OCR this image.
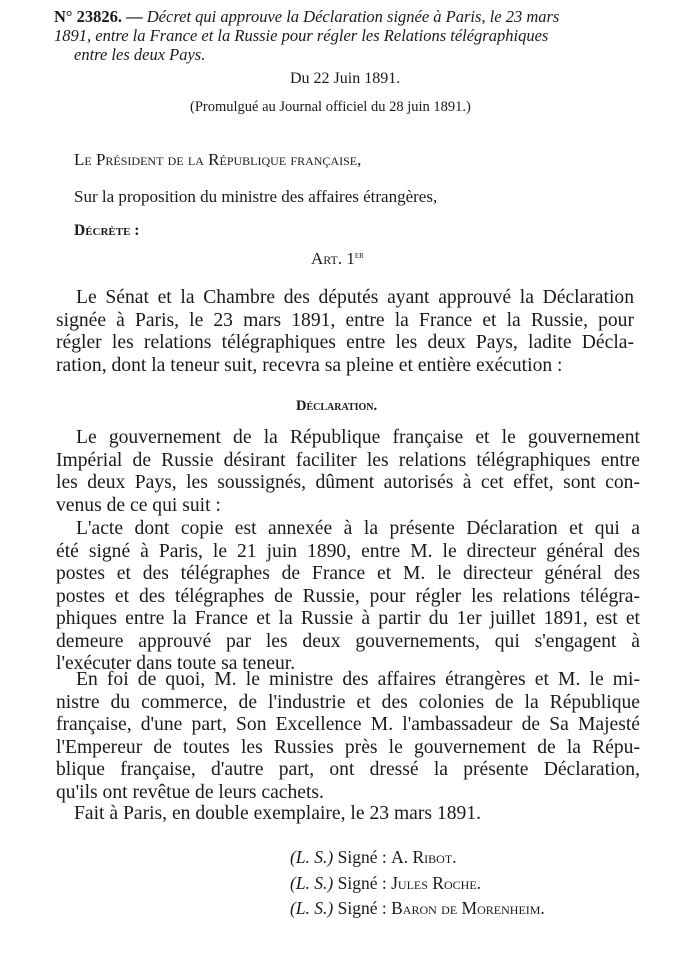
N° 23826. — Décret qui approuve la Déclaration signée à Paris, le 23 mars

1891, entre la France et la Russie pour régler les Relations télégraphiques

entre les deux Pays.

Du 22 Juin 1891.

(Promulgué au Journal officiel du 28 juin 1891.)

Le Président de la République française,

Sur la proposition du ministre des affaires étrangères,

Décrète :

Art. 1er

Le Sénat et la Chambre des députés ayant approuvé la Déclaration
signée à Paris, le 23 mars 1891, entre la France et la Russie, pour
régler les relations télégraphiques entre les deux Pays, ladite Décla-
ration, dont la teneur suit, recevra sa pleine et entière exécution :

Déclaration.

Le gouvernement de la République française et le gouvernement
Impérial de Russie désirant faciliter les relations télégraphiques entre
les deux Pays, les soussignés, dûment autorisés à cet effet, sont con-
venus de ce qui suit :
L'acte dont copie est annexée à la présente Déclaration et qui a
été signé à Paris, le 21 juin 1890, entre M. le directeur général des
postes et des télégraphes de France et M. le directeur général des
postes et des télégraphes de Russie, pour régler les relations télégra-
phiques entre la France et la Russie à partir du 1er juillet 1891, est et
demeure approuvé par les deux gouvernements, qui s'engagent à
l'exécuter dans toute sa teneur.
En foi de quoi, M. le ministre des affaires étrangères et M. le mi-
nistre du commerce, de l'industrie et des colonies de la République
française, d'une part, Son Excellence M. l'ambassadeur de Sa Majesté
l'Empereur de toutes les Russies près le gouvernement de la Répu-
blique française, d'autre part, ont dressé la présente Déclaration,
qu'ils ont revêtue de leurs cachets.

Fait à Paris, en double exemplaire, le 23 mars 1891.

(L. S.) Signé : A. Ribot.

(L. S.) Signé : Jules Roche.

(L. S.) Signé : Baron de Morenheim.
